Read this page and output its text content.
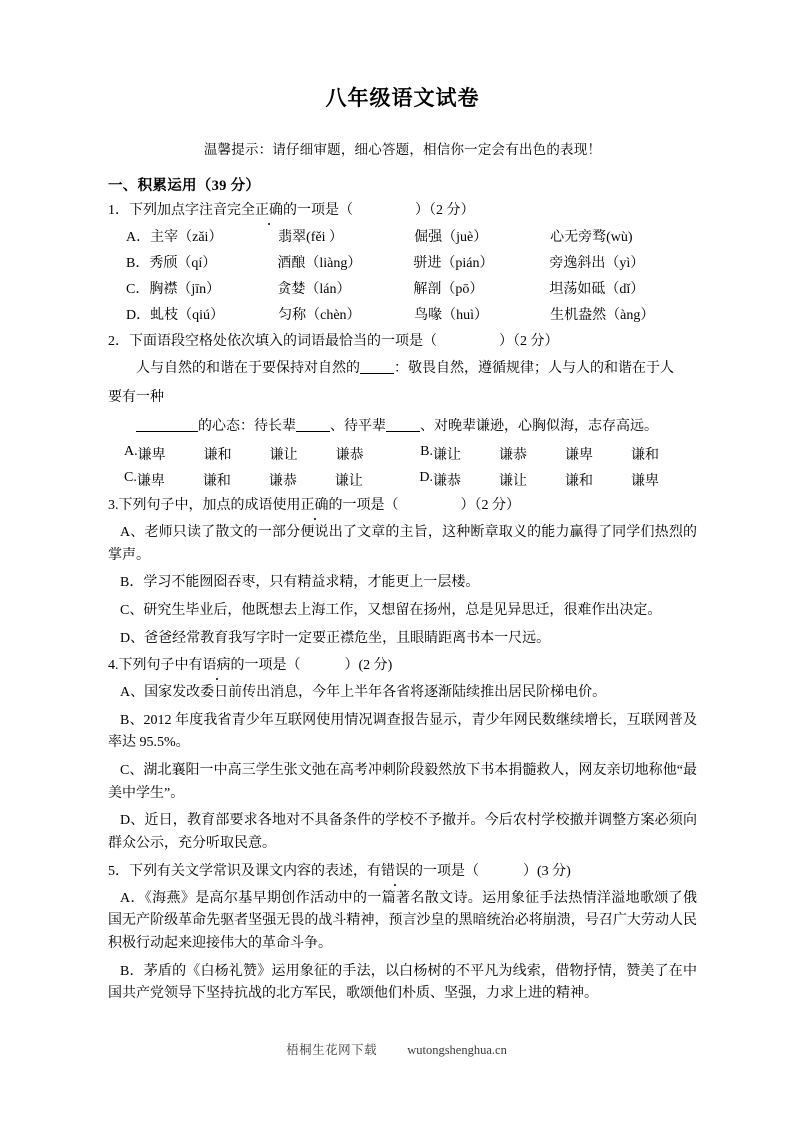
八年级语文试卷

温馨提示：请仔细审题，细心答题，相信你一定会有出色的表现！

一、积累运用（39 分）

1．下列加点字注音完全正确的一项是（	）（2 分）

A． 主宰（zǎi）	翡翠(fěi ）	倔强（juè）	心无旁骛(wù)

B． 秀颀（qí）	酒酿（liàng）	骈进（pián）	旁逸斜出（yì）

C． 胸襟（jīn）	贪婪（lán）	解剖（pō）	坦荡如砥（dǐ）

D． 虬枝（qiú）	匀称（chèn）	鸟喙（huì）	生机盎然（àng）

2．下面语段空格处依次填入的词语最恰当的一项是（	）（2 分）

人与自然的和谐在于要保持对自然的 ：敬畏自然，遵循规律；人与人的和谐在于人

要有一种

的心态：待长辈 、待平辈 、对晚辈谦逊，心胸似海，志存高远。

A. 谦卑	谦和	谦让	谦恭	B. 谦让	谦恭	谦卑	谦和

C. 谦卑	谦和	谦恭	谦让	D. 谦恭	谦让	谦和	谦卑

3.下列句子中，加点的成语使用正确的一项是（	）（2 分）

A、老师只读了散文的一部分便说出了文章的主旨，这种断章取义的能力赢得了同学们热烈的掌声。

B．学习不能囫囵吞枣，只有精益求精，才能更上一层楼。

C、研究生毕业后，他既想去上海工作，又想留在扬州，总是见异思迁，很难作出决定。

D、爸爸经常教育我写字时一定要正襟危坐，且眼睛距离书本一尺远。

4.下列句子中有语病的一项是（	）(2 分)

A、国家发改委日前传出消息，今年上半年各省将逐渐陆续推出居民阶梯电价。

B、2012 年度我省青少年互联网使用情况调查报告显示，青少年网民数继续增长，互联网普及率达 95.5%。

C、湖北襄阳一中高三学生张文弛在高考冲刺阶段毅然放下书本捐髓救人，网友亲切地称他“最美中学生”。

D、近日，教育部要求各地对不具备条件的学校不予撤并。今后农村学校撤并调整方案必须向群众公示，充分听取民意。

5．下列有关文学常识及课文内容的表述，有错误的一项是（	）(3 分)

A．《海燕》是高尔基早期创作活动中的一篇著名散文诗。运用象征手法热情洋溢地歌颂了俄国无产阶级革命先驱者坚强无畏的战斗精神，预言沙皇的黑暗统治必将崩溃，号召广大劳动人民积极行动起来迎接伟大的革命斗争。

B．茅盾的《白杨礼赞》运用象征的手法，以白杨树的不平凡为线索，借物抒情，赞美了在中国共产党领导下坚持抗战的北方军民，歌颂他们朴质、坚强，力求上进的精神。

梧桐生花网下载 wutongshenghua.cn
